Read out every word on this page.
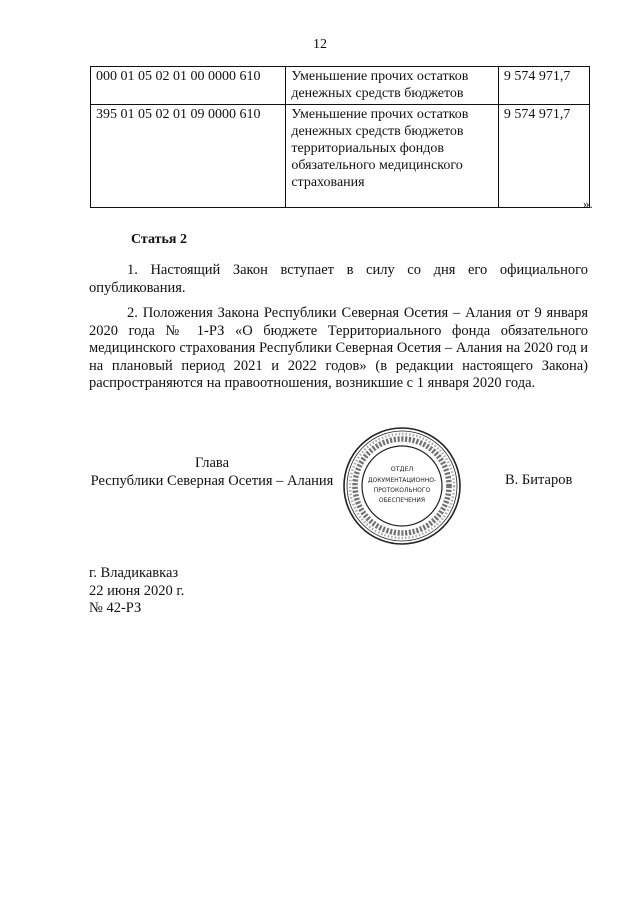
12
000 01 05 02 01 00 0000 610	Уменьшение прочих остатков денежных средств бюджетов	9 574 971,7
395 01 05 02 01 09 0000 610	Уменьшение прочих остатков денежных средств бюджетов территориальных фондов обязательного медицинского страхования	9 574 971,7
».
Статья 2

1. Настоящий Закон вступает в силу со дня его официального опубликования.

2. Положения Закона Республики Северная Осетия – Алания от 9 января 2020 года № 1-РЗ «О бюджете Территориального фонда обязательного медицинского страхования Республики Северная Осетия – Алания на 2020 год и на плановый период 2021 и 2022 годов» (в редакции настоящего Закона) распространяются на правоотношения, возникшие с 1 января 2020 года.

Глава
Республики Северная Осетия – Алания
ОТДЕЛ
ДОКУМЕНТАЦИОННО-
ПРОТОКОЛЬНОГО
ОБЕСПЕЧЕНИЯ
В. Битаров
г. Владикавказ
22 июня 2020 г.
№ 42-РЗ
